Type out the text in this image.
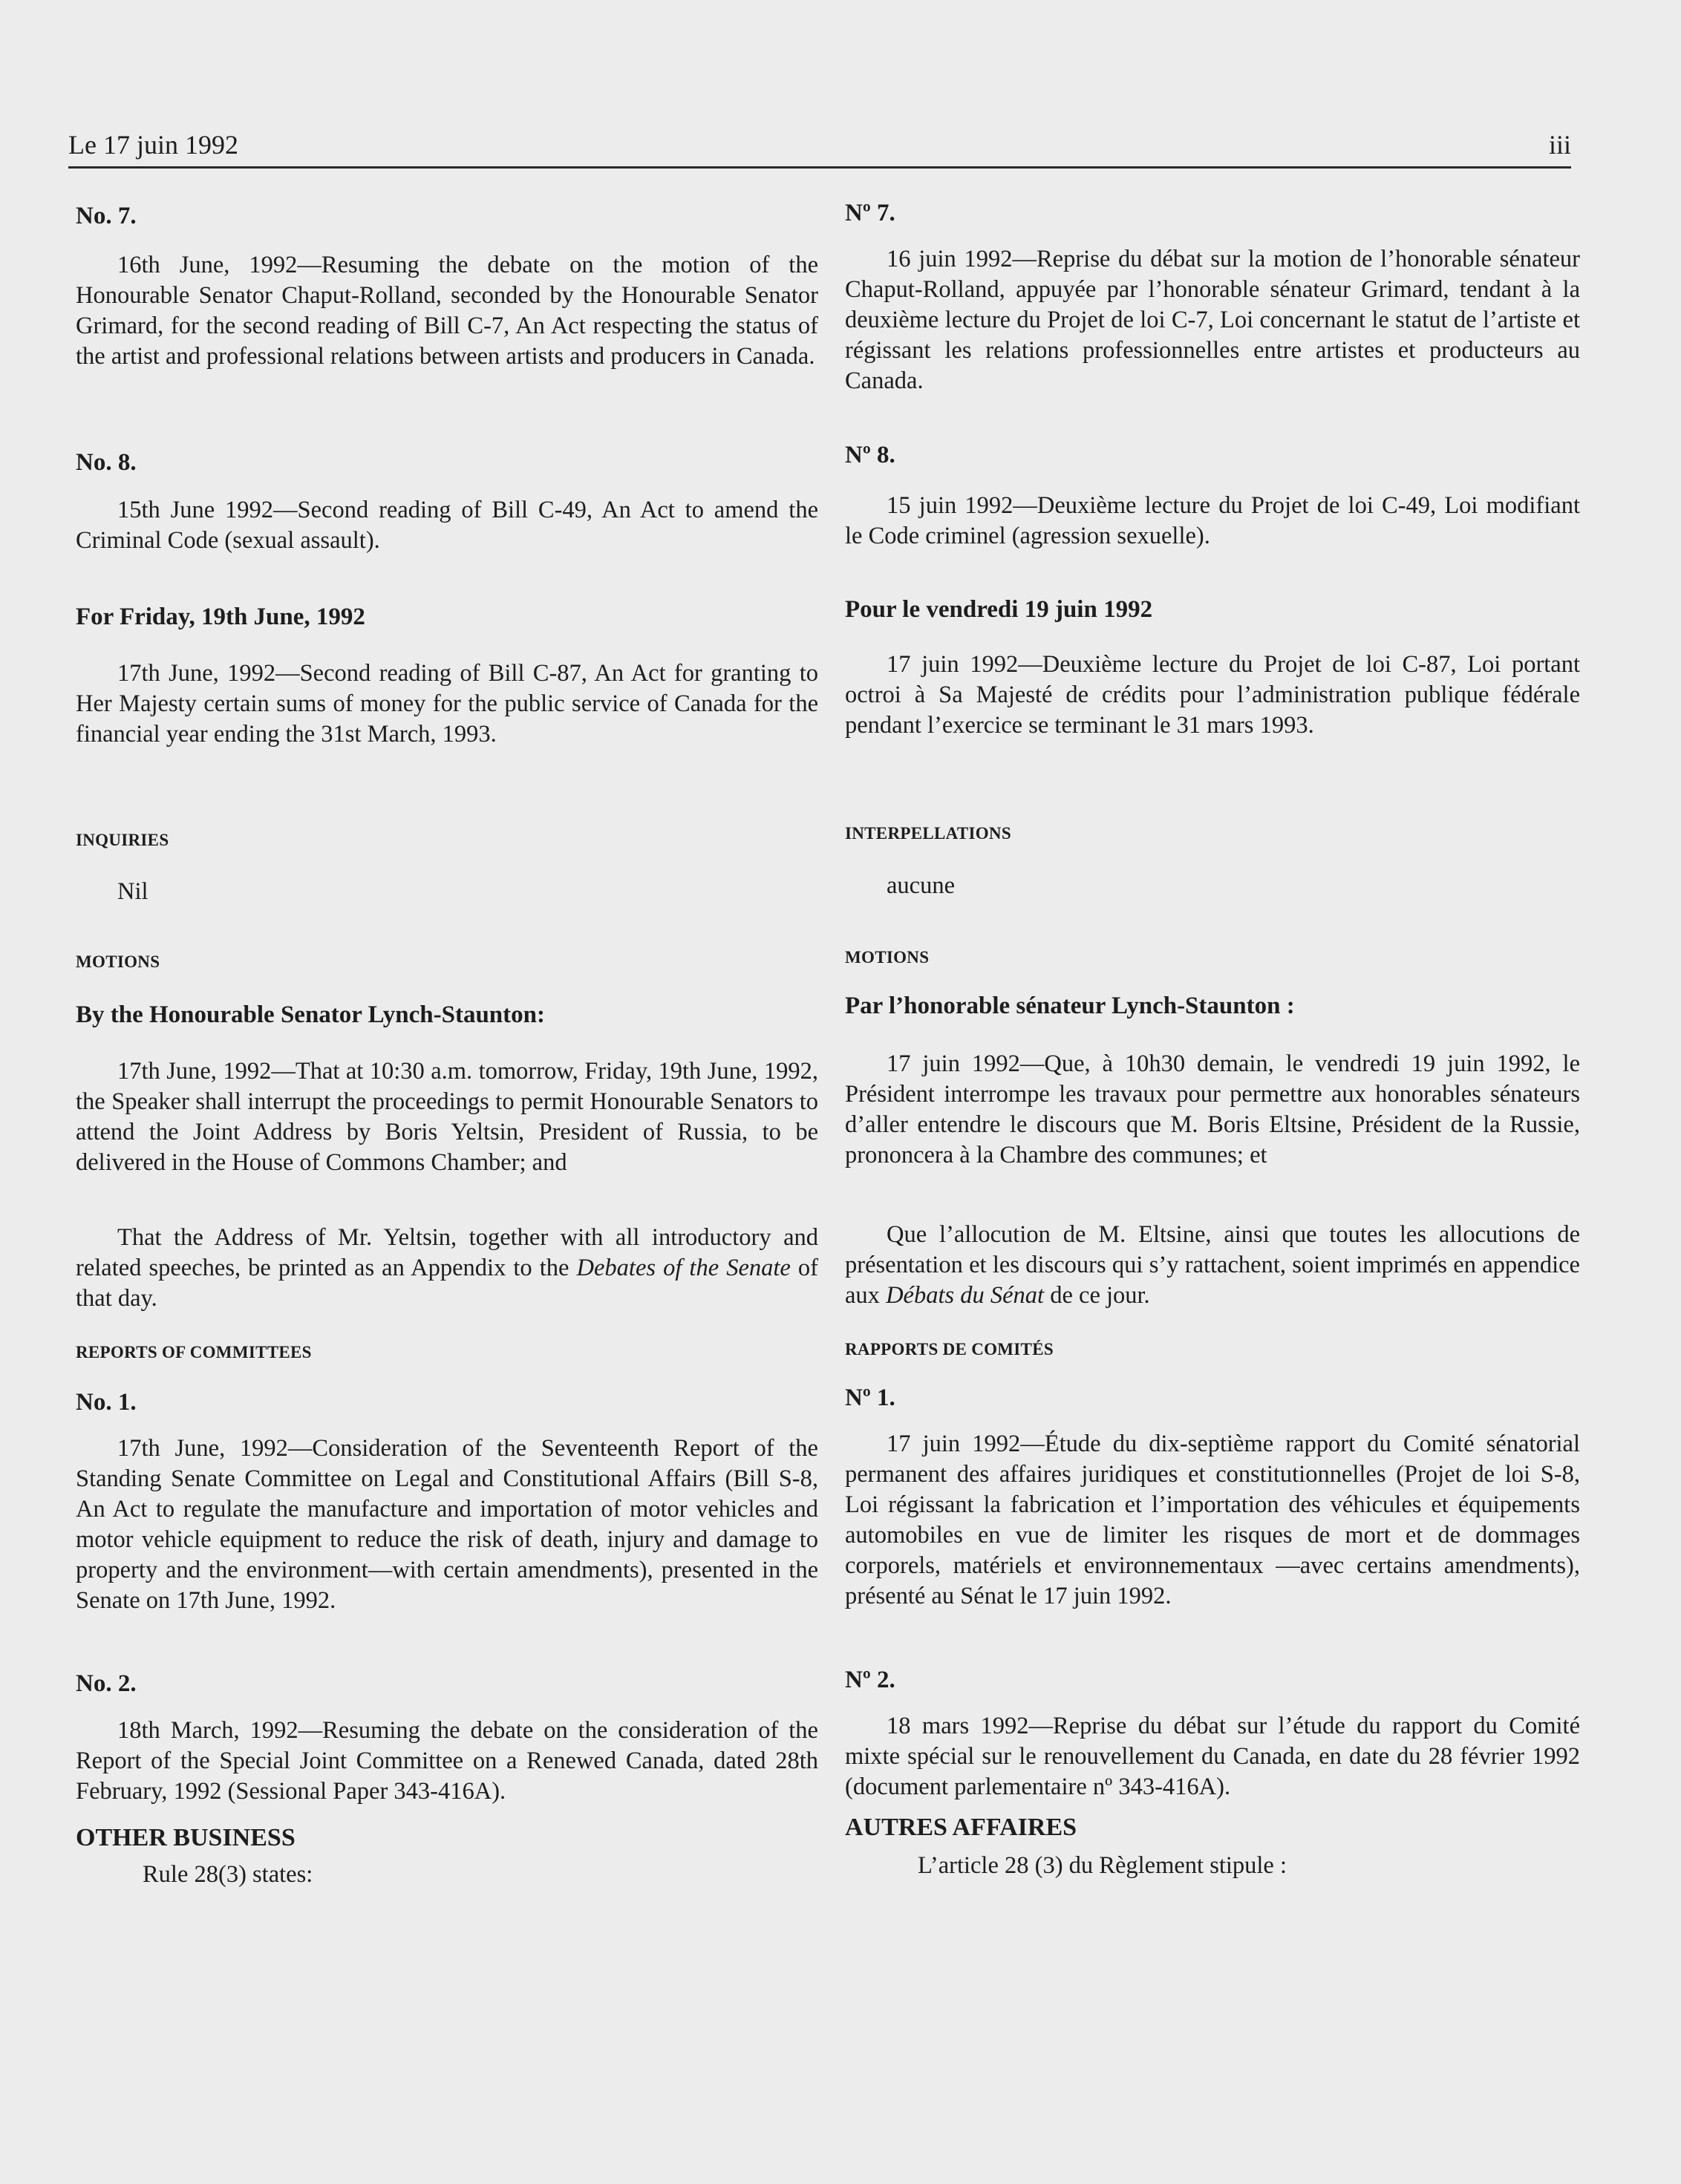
Le 17 juin 1992	iii
No. 7.

16th June, 1992—Resuming the debate on the motion of the Honourable Senator Chaput-Rolland, seconded by the Honourable Senator Grimard, for the second reading of Bill C-7, An Act respecting the status of the artist and professional relations between artists and producers in Canada.

No. 8.

15th June 1992—Second reading of Bill C-49, An Act to amend the Criminal Code (sexual assault).

For Friday, 19th June, 1992

17th June, 1992—Second reading of Bill C-87, An Act for granting to Her Majesty certain sums of money for the public service of Canada for the financial year ending the 31st March, 1993.

INQUIRIES

Nil

MOTIONS
By the Honourable Senator Lynch-Staunton:

17th June, 1992—That at 10:30 a.m. tomorrow, Friday, 19th June, 1992, the Speaker shall interrupt the proceedings to permit Honourable Senators to attend the Joint Address by Boris Yeltsin, President of Russia, to be delivered in the House of Commons Chamber; and

That the Address of Mr. Yeltsin, together with all introductory and related speeches, be printed as an Appendix to the Debates of the Senate of that day.

REPORTS OF COMMITTEES
No. 1.

17th June, 1992—Consideration of the Seventeenth Report of the Standing Senate Committee on Legal and Constitutional Affairs (Bill S-8, An Act to regulate the manufacture and importation of motor vehicles and motor vehicle equipment to reduce the risk of death, injury and damage to property and the environment—with certain amendments), presented in the Senate on 17th June, 1992.

No. 2.

18th March, 1992—Resuming the debate on the consideration of the Report of the Special Joint Committee on a Renewed Canada, dated 28th February, 1992 (Sessional Paper 343-416A).

OTHER BUSINESS

Rule 28(3) states:

Nº 7.

16 juin 1992—Reprise du débat sur la motion de l’honorable sénateur Chaput-Rolland, appuyée par l’honorable sénateur Grimard, tendant à la deuxième lecture du Projet de loi C-7, Loi concernant le statut de l’artiste et régissant les relations professionnelles entre artistes et producteurs au Canada.

Nº 8.

15 juin 1992—Deuxième lecture du Projet de loi C-49, Loi modifiant le Code criminel (agression sexuelle).

Pour le vendredi 19 juin 1992

17 juin 1992—Deuxième lecture du Projet de loi C-87, Loi portant octroi à Sa Majesté de crédits pour l’administration publique fédérale pendant l’exercice se terminant le 31 mars 1993.

INTERPELLATIONS

aucune

MOTIONS
Par l’honorable sénateur Lynch-Staunton :

17 juin 1992—Que, à 10h30 demain, le vendredi 19 juin 1992, le Président interrompe les travaux pour permettre aux honorables sénateurs d’aller entendre le discours que M. Boris Eltsine, Président de la Russie, prononcera à la Chambre des communes; et

Que l’allocution de M. Eltsine, ainsi que toutes les allocutions de présentation et les discours qui s’y rattachent, soient imprimés en appendice aux Débats du Sénat de ce jour.

RAPPORTS DE COMITÉS
Nº 1.

17 juin 1992—Étude du dix-septième rapport du Comité sénatorial permanent des affaires juridiques et constitutionnelles (Projet de loi S-8, Loi régissant la fabrication et l’importation des véhicules et équipements automobiles en vue de limiter les risques de mort et de dommages corporels, matériels et environnementaux —avec certains amendments), présenté au Sénat le 17 juin 1992.

Nº 2.

18 mars 1992—Reprise du débat sur l’étude du rapport du Comité mixte spécial sur le renouvellement du Canada, en date du 28 février 1992 (document parlementaire nº 343-416A).

AUTRES AFFAIRES

L’article 28 (3) du Règlement stipule :
